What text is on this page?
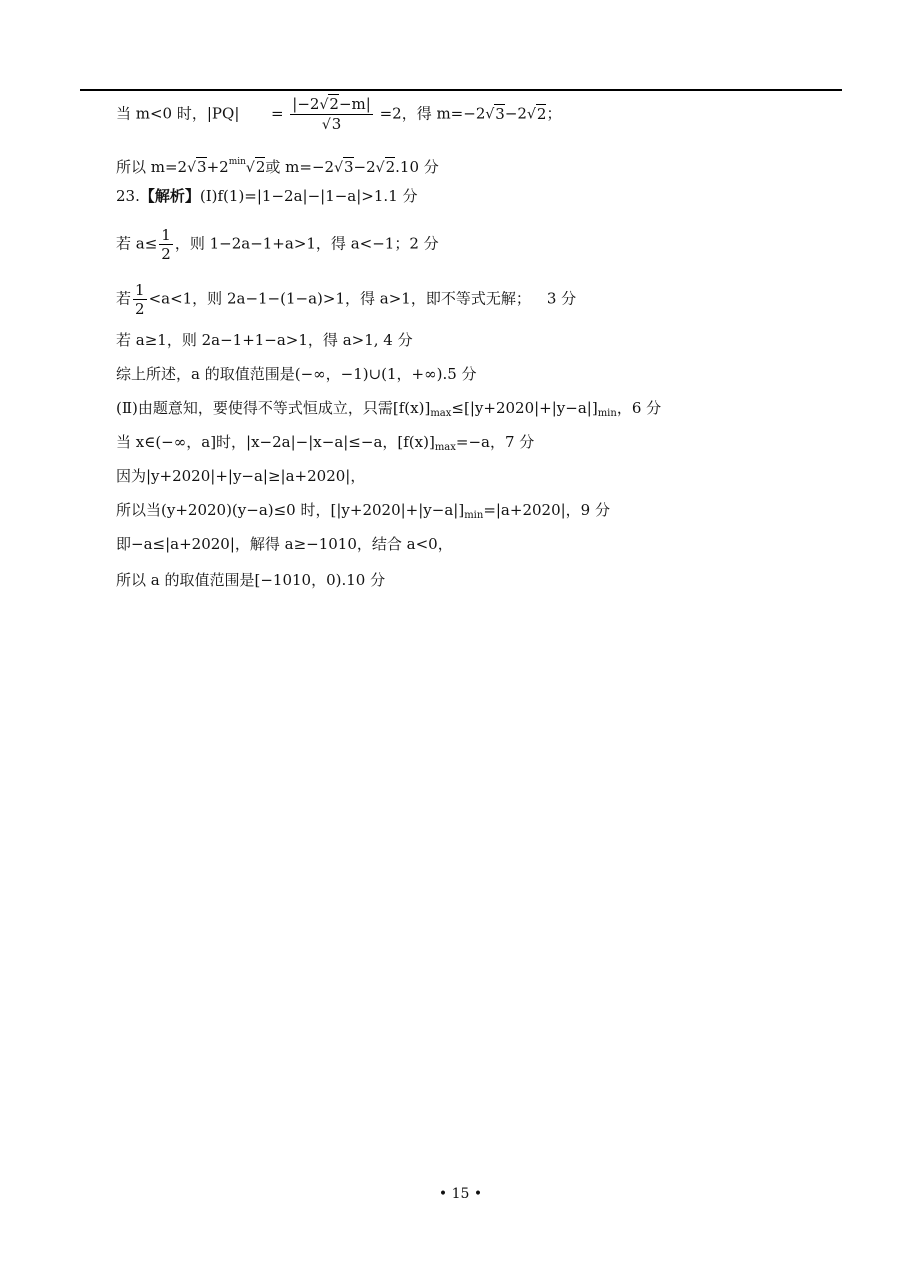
当 m<0 时，$|PQ| = \frac{|-2√2-m|}{√3} =2$，得 m=−2√3−2√2；
所以 $m=2√3+2^{min}√2$或 m=−2√3−2√2.10 分
23.【解析】(Ⅰ)f(1)=|1−2a|−|1−a|>1.1 分
若 $a\le \frac{1}{2}$ ，则 1−2a−1+a>1，得 a<−1；2 分
若 $\frac{1}{2} <a<1$，则 2a−1−(1−a)>1，得 a>1，即不等式无解； 3 分
若 a≥1，则 2a−1+1−a>1，得 a>1, 4 分
综上所述，a 的取值范围是(−∞，−1)∪(1，+∞).5 分
(Ⅱ)由题意知，要使得不等式恒成立，只需$[f(x)]_{max}\le[|y+2020|+|y-a|]_{min}$，6 分
当 x∈(−∞，a]时，|x−2a|−|x−a|≤−a，$[f(x)]_{max}=-a$，7 分
因为|y+2020|+|y−a|≥|a+2020|，
所以当(y+2020)(y−a)≤0 时，$[|y+2020|+|y-a|]_{min}=|a+2020|$，9 分
即−a≤|a+2020|，解得 a≥−1010，结合 a<0，
所以 a 的取值范围是[−1010，0).10 分
• 15 •
